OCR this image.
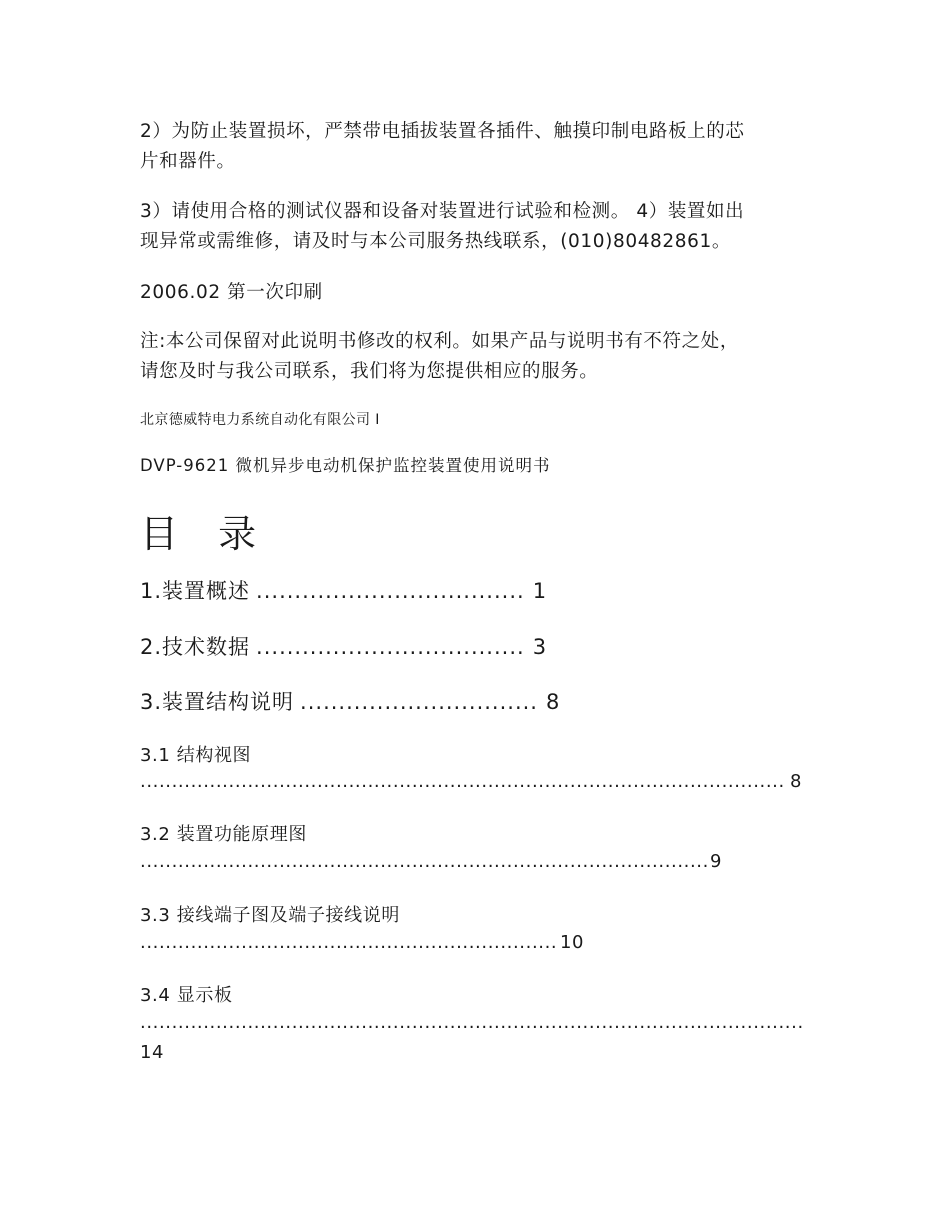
2）为防止装置损坏，严禁带电插拔装置各插件、触摸印制电路板上的芯
片和器件。

3）请使用合格的测试仪器和设备对装置进行试验和检测。 4）装置如出
现异常或需维修，请及时与本公司服务热线联系，(010)80482861。

2006.02 第一次印刷

注:本公司保留对此说明书修改的权利。如果产品与说明书有不符之处，
请您及时与我公司联系，我们将为您提供相应的服务。

北京德威特电力系统自动化有限公司 I

DVP-9621 微机异步电动机保护监控装置使用说明书

目 录

1.装置概述 ................................... 1

2.技术数据 ................................... 3

3.装置结构说明 ............................... 8

3.1 结构视图

...................................................................................................... 8

3.2 装置功能原理图

..........................................................................................9

3.3 接线端子图及端子接线说明

.................................................................. 10

3.4 显示板

.........................................................................................................

14
